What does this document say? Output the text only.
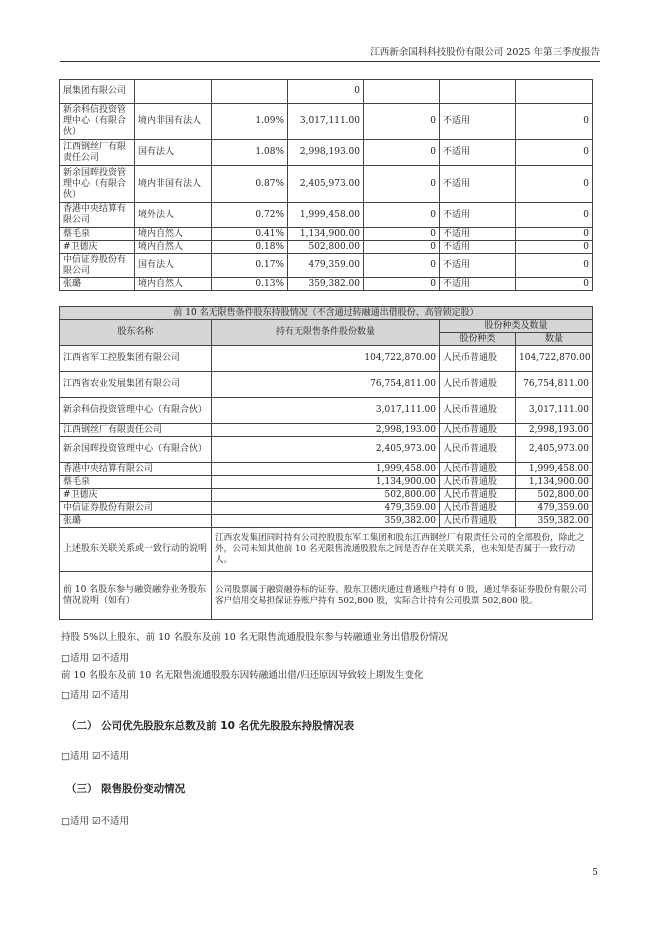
江西新余国科科技股份有限公司 2025 年第三季度报告
展集团有限公司			0			
新余科信投资管理中心（有限合伙）	境内非国有法人	1.09%	3,017,111.00	0	不适用	0
江西钢丝厂有限责任公司	国有法人	1.08%	2,998,193.00	0	不适用	0
新余国晖投资管理中心（有限合伙）	境内非国有法人	0.87%	2,405,973.00	0	不适用	0
香港中央结算有限公司	境外法人	0.72%	1,999,458.00	0	不适用	0
蔡毛泉	境内自然人	0.41%	1,134,900.00	0	不适用	0
#卫德庆	境内自然人	0.18%	502,800.00	0	不适用	0
中信证券股份有限公司	国有法人	0.17%	479,359.00	0	不适用	0
张璐	境内自然人	0.13%	359,382.00	0	不适用	0
前 10 名无限售条件股东持股情况（不含通过转融通出借股份、高管锁定股）			
股东名称	持有无限售条件股份数量	股份种类及数量	
		股份种类	数量
江西省军工控股集团有限公司	104,722,870.00	人民币普通股	104,722,870.00
江西省农业发展集团有限公司	76,754,811.00	人民币普通股	76,754,811.00
新余科信投资管理中心（有限合伙）	3,017,111.00	人民币普通股	3,017,111.00
江西钢丝厂有限责任公司	2,998,193.00	人民币普通股	2,998,193.00
新余国晖投资管理中心（有限合伙）	2,405,973.00	人民币普通股	2,405,973.00
香港中央结算有限公司	1,999,458.00	人民币普通股	1,999,458.00
蔡毛泉	1,134,900.00	人民币普通股	1,134,900.00
#卫德庆	502,800.00	人民币普通股	502,800.00
中信证券股份有限公司	479,359.00	人民币普通股	479,359.00
张璐	359,382.00	人民币普通股	359,382.00
上述股东关联关系或一致行动的说明	江西农发集团同时持有公司控股股东军工集团和股东江西钢丝厂有限责任公司的全部股份，除此之外，公司未知其他前 10 名无限售流通股股东之间是否存在关联关系，也未知是否属于一致行动人。		
前 10 名股东参与融资融券业务股东情况说明（如有）	公司股票属于融资融券标的证券。股东卫德庆通过普通账户持有 0 股，通过华泰证券股份有限公司客户信用交易担保证券账户持有 502,800 股，实际合计持有公司股票 502,800 股。		

持股 5%以上股东、前 10 名股东及前 10 名无限售流通股股东参与转融通业务出借股份情况

□适用 ☑不适用

前 10 名股东及前 10 名无限售流通股股东因转融通出借/归还原因导致较上期发生变化

□适用 ☑不适用

（二） 公司优先股股东总数及前 10 名优先股股东持股情况表

□适用 ☑不适用

（三） 限售股份变动情况

□适用 ☑不适用

5
